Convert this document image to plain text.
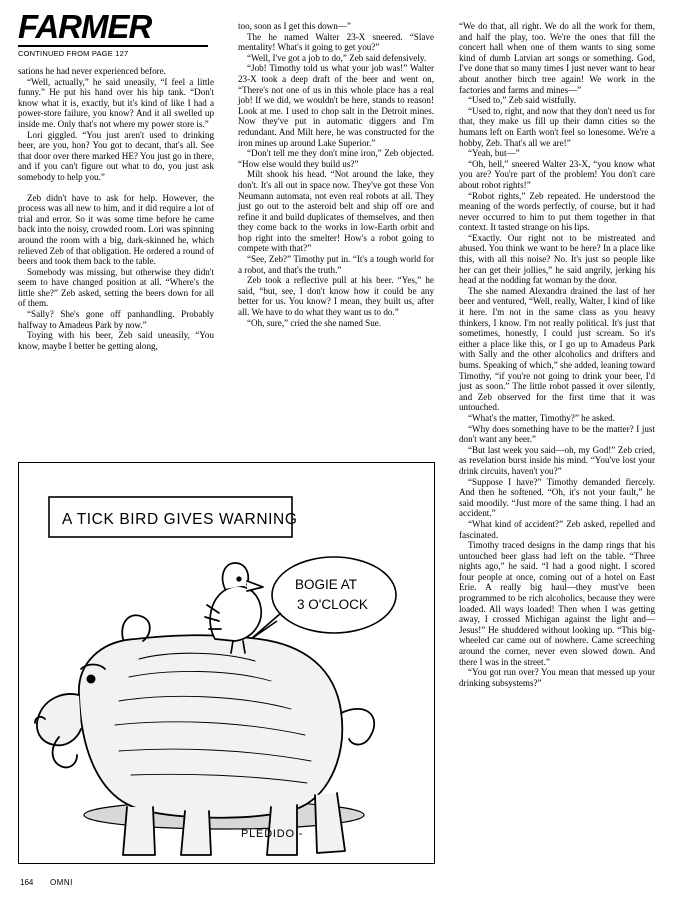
FARMER
CONTINUED FROM PAGE 127

sations he had never experienced before.

“Well, actually,” he said uneasily, “I feel a little funny.” He put his hand over his hip tank. “Don't know what it is, exactly, but it's kind of like I had a power-store failure, you know? And it all swelled up inside me. Only that's not where my power store is.”

Lori giggled. “You just aren't used to drinking beer, are you, hon? You got to decant, that's all. See that door over there marked HE? You just go in there, and if you can't figure out what to do, you just ask somebody to help you.”

Zeb didn't have to ask for help. However, the process was all new to him, and it did require a lot of trial and error. So it was some time before he came back into the noisy, crowded room. Lori was spinning around the room with a big, dark-skinned he, which relieved Zeb of that obligation. He ordered a round of beers and took them back to the table.

Somebody was missing, but otherwise they didn't seem to have changed position at all. “Where's the little she?” Zeb asked, setting the beers down for all of them.

“Sally? She's gone off panhandling. Probably halfway to Amadeus Park by now.”

Toying with his beer, Zeb said uneasily, “You know, maybe I better be getting along,

too, soon as I get this down—”

The he named Walter 23-X sneered. “Slave mentality! What's it going to get you?”

“Well, I've got a job to do,” Zeb said defensively.

“Job! Timothy told us what your job was!” Walter 23-X took a deep draft of the beer and went on, “There's not one of us in this whole place has a real job! If we did, we wouldn't be here, stands to reason! Look at me. I used to chop salt in the Detroit mines. Now they've put in automatic diggers and I'm redundant. And Milt here, he was constructed for the iron mines up around Lake Superior.”

“Don't tell me they don't mine iron,” Zeb objected. “How else would they build us?”

Milt shook his head. “Not around the lake, they don't. It's all out in space now. They've got these Von Neumann automata, not even real robots at all. They just go out to the asteroid belt and ship off ore and refine it and build duplicates of themselves, and then they come back to the works in low-Earth orbit and hop right into the smelter! How's a robot going to compete with that?”

“See, Zeb?” Timothy put in. “It's a tough world for a robot, and that's the truth.”

Zeb took a reflective pull at his beer. “Yes,” he said, “but, see, I don't know how it could be any better for us. You know? I mean, they built us, after all. We have to do what they want us to do.”

“Oh, sure,” cried the she named Sue.

“We do that, all right. We do all the work for them, and half the play, too. We're the ones that fill the concert hall when one of them wants to sing some kind of dumb Latvian art songs or something. God, I've done that so many times I just never want to hear about another birch tree again! We work in the factories and farms and mines—”

“Used to,” Zeb said wistfully.

“Used to, right, and now that they don't need us for that, they make us fill up their damn cities so the humans left on Earth won't feel so lonesome. We're a hobby, Zeb. That's all we are!”

“Yeah, but—”

“Oh, hell,” sneered Walter 23-X, “you know what you are? You're part of the problem! You don't care about robot rights!”

“Robot rights,” Zeb repeated. He understood the meaning of the words perfectly, of course, but it had never occurred to him to put them together in that context. It tasted strange on his lips.

“Exactly. Our right not to be mistreated and abused. You think we want to be here? In a place like this, with all this noise? No. It's just so people like her can get their jollies,” he said angrily, jerking his head at the nodding fat woman by the door.

The she named Alexandra drained the last of her beer and ventured, “Well, really, Walter, I kind of like it here. I'm not in the same class as you heavy thinkers, I know. I'm not really political. It's just that sometimes, honestly, I could just scream. So it's either a place like this, or I go up to Amadeus Park with Sally and the other alcoholics and drifters and bums. Speaking of which,” she added, leaning toward Timothy, “if you're not going to drink your beer, I'd just as soon.” The little robot passed it over silently, and Zeb observed for the first time that it was untouched.

“What's the matter, Timothy?” he asked.

“Why does something have to be the matter? I just don't want any beer.”

“But last week you said—oh, my God!” Zeb cried, as revelation burst inside his mind. “You've lost your drink circuits, haven't you?”

“Suppose I have?” Timothy demanded fiercely. And then he softened. “Oh, it's not your fault,” he said moodily. “Just more of the same thing. I had an accident.”

“What kind of accident?” Zeb asked, repelled and fascinated.

Timothy traced designs in the damp rings that his untouched beer glass had left on the table. “Three nights ago,” he said. “I had a good night. I scored four people at once, coming out of a hotel on East Erie. A really big haul—they must've been programmed to be rich alcoholics, because they were loaded. All ways loaded! Then when I was getting away, I crossed Michigan against the light and—Jesus!” He shuddered without looking up. “This big-wheeled car came out of nowhere. Came screeching around the corner, never even slowed down. And there I was in the street.”

“You got run over? You mean that messed up your drinking subsystems?”

A TICK BIRD GIVES WARNING
BOGIE AT
3 O'CLOCK
PLEDIDO -
164 OMNI
